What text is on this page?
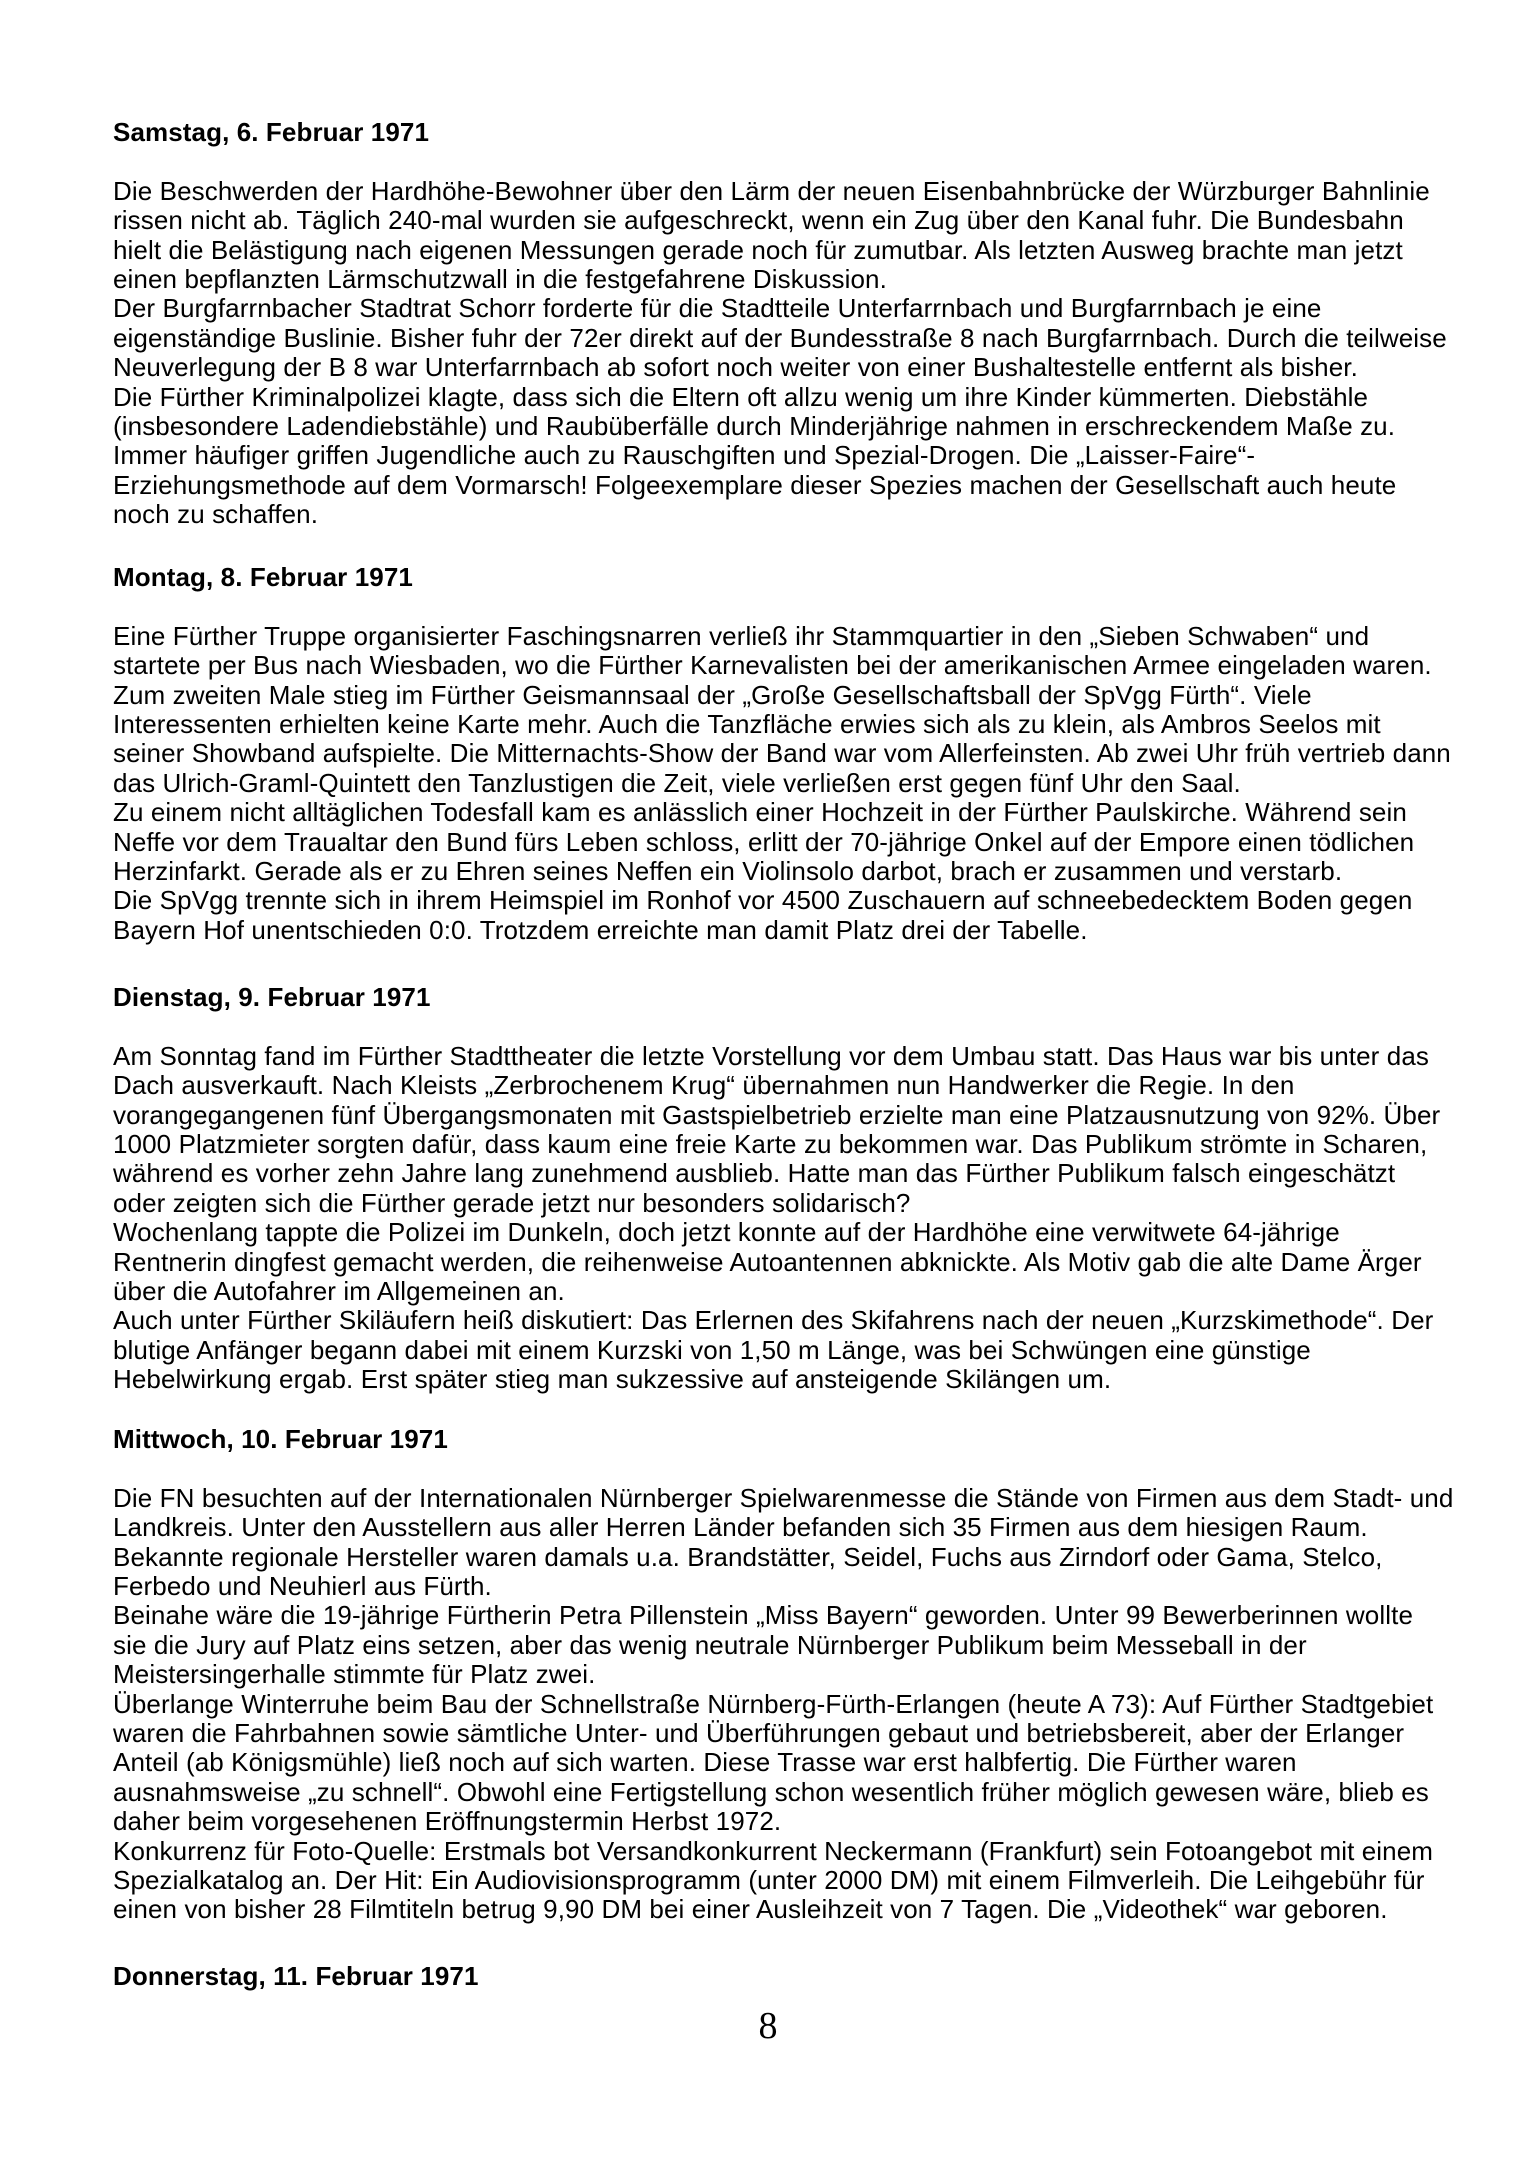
Samstag, 6. Februar 1971
Die Beschwerden der Hardhöhe-Bewohner über den Lärm der neuen Eisenbahnbrücke der Würzburger Bahnlinie
rissen nicht ab. Täglich 240-mal wurden sie aufgeschreckt, wenn ein Zug über den Kanal fuhr. Die Bundesbahn
hielt die Belästigung nach eigenen Messungen gerade noch für zumutbar. Als letzten Ausweg brachte man jetzt
einen bepflanzten Lärmschutzwall in die festgefahrene Diskussion.
Der Burgfarrnbacher Stadtrat Schorr forderte für die Stadtteile Unterfarrnbach und Burgfarrnbach je eine
eigenständige Buslinie. Bisher fuhr der 72er direkt auf der Bundesstraße 8 nach Burgfarrnbach. Durch die teilweise
Neuverlegung der B 8 war Unterfarrnbach ab sofort noch weiter von einer Bushaltestelle entfernt als bisher.
Die Fürther Kriminalpolizei klagte, dass sich die Eltern oft allzu wenig um ihre Kinder kümmerten. Diebstähle
(insbesondere Ladendiebstähle) und Raubüberfälle durch Minderjährige nahmen in erschreckendem Maße zu.
Immer häufiger griffen Jugendliche auch zu Rauschgiften und Spezial-Drogen. Die „Laisser-Faire“-
Erziehungsmethode auf dem Vormarsch! Folgeexemplare dieser Spezies machen der Gesellschaft auch heute
noch zu schaffen.
Montag, 8. Februar 1971
Eine Fürther Truppe organisierter Faschingsnarren verließ ihr Stammquartier in den „Sieben Schwaben“ und
startete per Bus nach Wiesbaden, wo die Fürther Karnevalisten bei der amerikanischen Armee eingeladen waren.
Zum zweiten Male stieg im Fürther Geismannsaal der „Große Gesellschaftsball der SpVgg Fürth“. Viele
Interessenten erhielten keine Karte mehr. Auch die Tanzfläche erwies sich als zu klein, als Ambros Seelos mit
seiner Showband aufspielte. Die Mitternachts-Show der Band war vom Allerfeinsten. Ab zwei Uhr früh vertrieb dann
das Ulrich-Graml-Quintett den Tanzlustigen die Zeit, viele verließen erst gegen fünf Uhr den Saal.
Zu einem nicht alltäglichen Todesfall kam es anlässlich einer Hochzeit in der Fürther Paulskirche. Während sein
Neffe vor dem Traualtar den Bund fürs Leben schloss, erlitt der 70-jährige Onkel auf der Empore einen tödlichen
Herzinfarkt. Gerade als er zu Ehren seines Neffen ein Violinsolo darbot, brach er zusammen und verstarb.
Die SpVgg trennte sich in ihrem Heimspiel im Ronhof vor 4500 Zuschauern auf schneebedecktem Boden gegen
Bayern Hof unentschieden 0:0. Trotzdem erreichte man damit Platz drei der Tabelle.
Dienstag, 9. Februar 1971
Am Sonntag fand im Fürther Stadttheater die letzte Vorstellung vor dem Umbau statt. Das Haus war bis unter das
Dach ausverkauft. Nach Kleists „Zerbrochenem Krug“ übernahmen nun Handwerker die Regie. In den
vorangegangenen fünf Übergangsmonaten mit Gastspielbetrieb erzielte man eine Platzausnutzung von 92%. Über
1000 Platzmieter sorgten dafür, dass kaum eine freie Karte zu bekommen war. Das Publikum strömte in Scharen,
während es vorher zehn Jahre lang zunehmend ausblieb. Hatte man das Fürther Publikum falsch eingeschätzt
oder zeigten sich die Fürther gerade jetzt nur besonders solidarisch?
Wochenlang tappte die Polizei im Dunkeln, doch jetzt konnte auf der Hardhöhe eine verwitwete 64-jährige
Rentnerin dingfest gemacht werden, die reihenweise Autoantennen abknickte. Als Motiv gab die alte Dame Ärger
über die Autofahrer im Allgemeinen an.
Auch unter Fürther Skiläufern heiß diskutiert: Das Erlernen des Skifahrens nach der neuen „Kurzskimethode“. Der
blutige Anfänger begann dabei mit einem Kurzski von 1,50 m Länge, was bei Schwüngen eine günstige
Hebelwirkung ergab. Erst später stieg man sukzessive auf ansteigende Skilängen um.
Mittwoch, 10. Februar 1971
Die FN besuchten auf der Internationalen Nürnberger Spielwarenmesse die Stände von Firmen aus dem Stadt- und
Landkreis. Unter den Ausstellern aus aller Herren Länder befanden sich 35 Firmen aus dem hiesigen Raum.
Bekannte regionale Hersteller waren damals u.a. Brandstätter, Seidel, Fuchs aus Zirndorf oder Gama, Stelco,
Ferbedo und Neuhierl aus Fürth.
Beinahe wäre die 19-jährige Fürtherin Petra Pillenstein „Miss Bayern“ geworden. Unter 99 Bewerberinnen wollte
sie die Jury auf Platz eins setzen, aber das wenig neutrale Nürnberger Publikum beim Messeball in der
Meistersingerhalle stimmte für Platz zwei.
Überlange Winterruhe beim Bau der Schnellstraße Nürnberg-Fürth-Erlangen (heute A 73): Auf Fürther Stadtgebiet
waren die Fahrbahnen sowie sämtliche Unter- und Überführungen gebaut und betriebsbereit, aber der Erlanger
Anteil (ab Königsmühle) ließ noch auf sich warten. Diese Trasse war erst halbfertig. Die Fürther waren
ausnahmsweise „zu schnell“. Obwohl eine Fertigstellung schon wesentlich früher möglich gewesen wäre, blieb es
daher beim vorgesehenen Eröffnungstermin Herbst 1972.
Konkurrenz für Foto-Quelle: Erstmals bot Versandkonkurrent Neckermann (Frankfurt) sein Fotoangebot mit einem
Spezialkatalog an. Der Hit: Ein Audiovisionsprogramm (unter 2000 DM) mit einem Filmverleih. Die Leihgebühr für
einen von bisher 28 Filmtiteln betrug 9,90 DM bei einer Ausleihzeit von 7 Tagen. Die „Videothek“ war geboren.
Donnerstag, 11. Februar 1971
8
